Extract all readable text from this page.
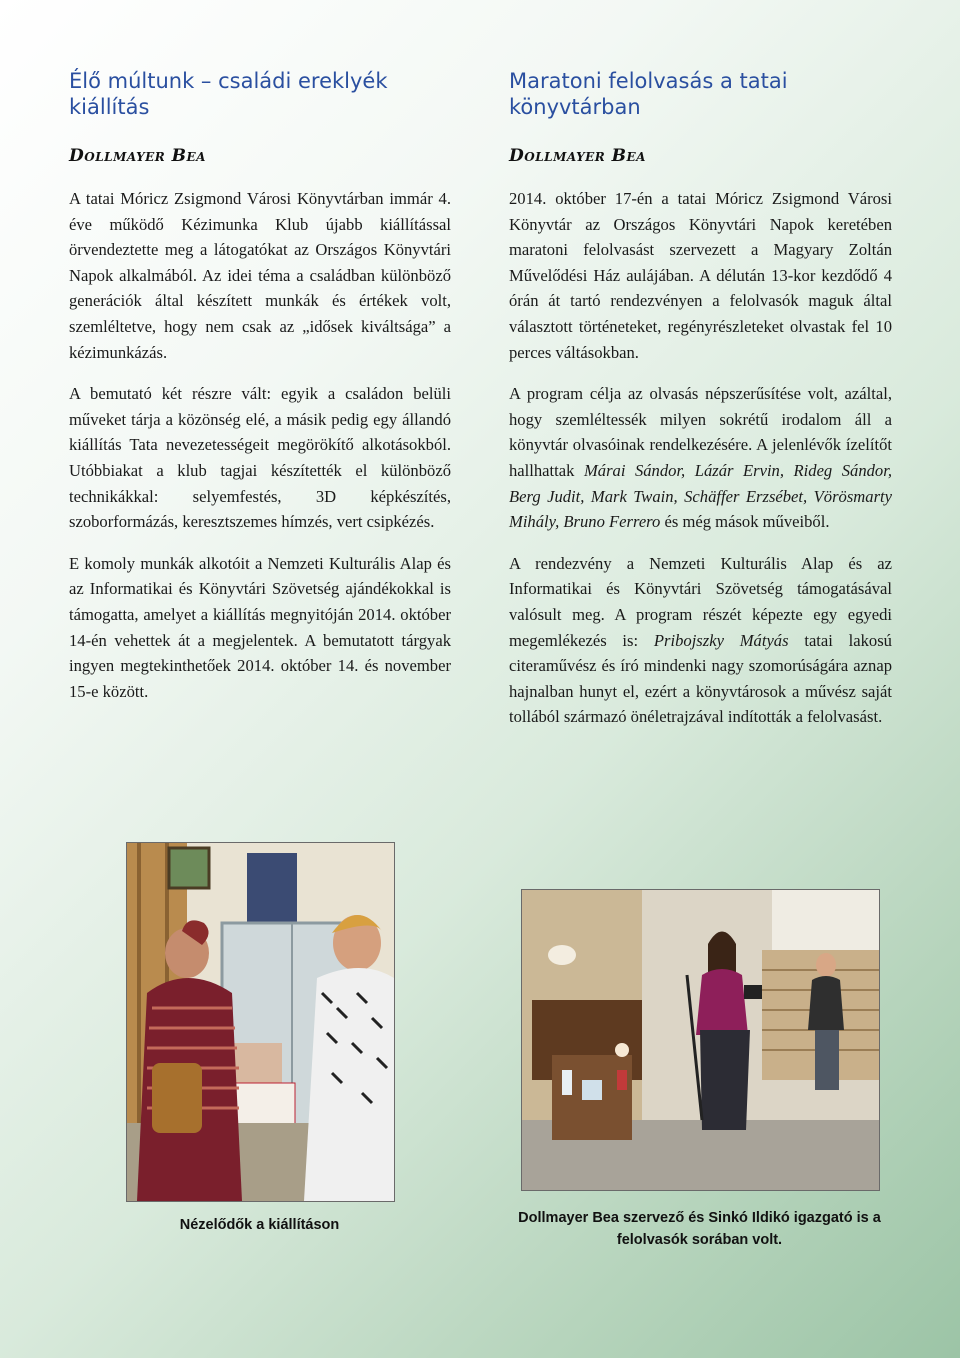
Élő múltunk – családi ereklyék kiállítás
Dollmayer Bea

A tatai Móricz Zsigmond Városi Könyvtárban immár 4. éve működő Kézimunka Klub újabb kiállítással örvendeztette meg a látogatókat az Országos Könyvtári Napok alkalmából. Az idei téma a családban különböző generációk által készített munkák és értékek volt, szemléltetve, hogy nem csak az „idősek kiváltsága” a kézimunkázás.

A bemutató két részre vált: egyik a családon belüli műveket tárja a közönség elé, a másik pedig egy állandó kiállítás Tata nevezetességeit megörökítő alkotásokból. Utóbbiakat a klub tagjai készítették el különböző technikákkal: selyemfestés, 3D képkészítés, szoborformázás, keresztszemes hímzés, vert csipkézés.

E komoly munkák alkotóit a Nemzeti Kulturális Alap és az Informatikai és Könyvtári Szövetség ajándékokkal is támogatta, amelyet a kiállítás megnyitóján 2014. október 14-én vehettek át a megjelentek. A bemutatott tárgyak ingyen megtekinthetőek 2014. október 14. és november 15-e között.

Maratoni felolvasás a tatai könyvtárban
Dollmayer Bea

2014. október 17-én a tatai Móricz Zsigmond Városi Könyvtár az Országos Könyvtári Napok keretében maratoni felolvasást szervezett a Magyary Zoltán Művelődési Ház aulájában. A délután 13-kor kezdődő 4 órán át tartó rendezvényen a felolvasók maguk által választott történeteket, regényrészleteket olvastak fel 10 perces váltásokban.

A program célja az olvasás népszerűsítése volt, azáltal, hogy szemléltessék milyen sokrétű irodalom áll a könyvtár olvasóinak rendelkezésére. A jelenlévők ízelítőt hallhattak Márai Sándor, Lázár Ervin, Rideg Sándor, Berg Judit, Mark Twain, Schäffer Erzsébet, Vörösmarty Mihály, Bruno Ferrero és még mások műveiből.

A rendezvény a Nemzeti Kulturális Alap és az Informatikai és Könyvtári Szövetség támogatásával valósult meg. A program részét képezte egy egyedi megemlékezés is: Pribojszky Mátyás tatai lakosú citeraművész és író mindenki nagy szomorúságára aznap hajnalban hunyt el, ezért a könyvtárosok a művész saját tollából származó önéletrajzával indították a felolvasást.

Nézelődők a kiállításon	Dollmayer Bea szervező és Sinkó Ildikó igazgató is a felolvasók sorában volt.
